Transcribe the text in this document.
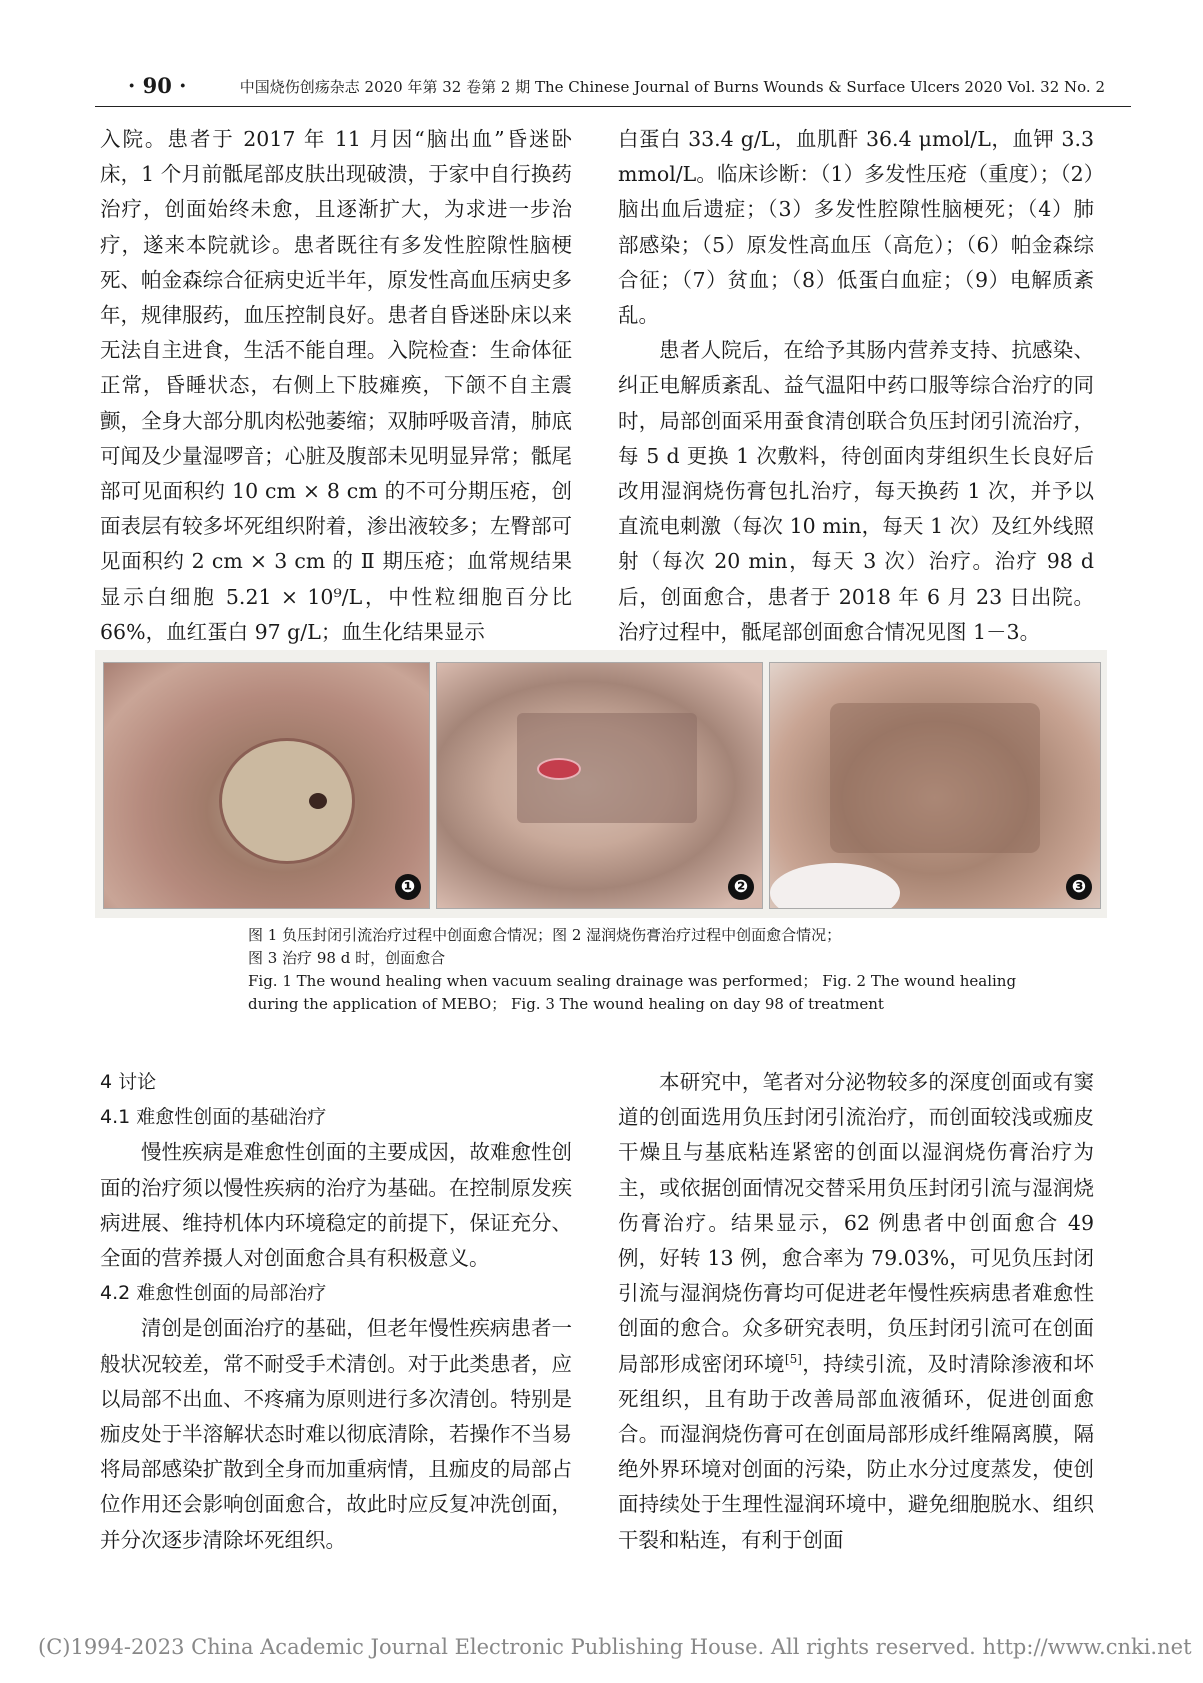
· 90 ·	中国烧伤创疡杂志 2020 年第 32 卷第 2 期 The Chinese Journal of Burns Wounds & Surface Ulcers 2020 Vol. 32 No. 2

入院。患者于 2017 年 11 月因“脑出血”昏迷卧床，1 个月前骶尾部皮肤出现破溃，于家中自行换药治疗，创面始终未愈，且逐渐扩大，为求进一步治疗，遂来本院就诊。患者既往有多发性腔隙性脑梗死、帕金森综合征病史近半年，原发性高血压病史多年，规律服药，血压控制良好。患者自昏迷卧床以来无法自主进食，生活不能自理。入院检查：生命体征正常，昏睡状态，右侧上下肢瘫痪，下颌不自主震颤，全身大部分肌肉松弛萎缩；双肺呼吸音清，肺底可闻及少量湿啰音；心脏及腹部未见明显异常；骶尾部可见面积约 10 cm × 8 cm 的不可分期压疮，创面表层有较多坏死组织附着，渗出液较多；左臀部可见面积约 2 cm × 3 cm 的 Ⅱ 期压疮；血常规结果显示白细胞 5.21 × 10⁹/L，中性粒细胞百分比 66%，血红蛋白 97 g/L；血生化结果显示

白蛋白 33.4 g/L，血肌酐 36.4 μmol/L，血钾 3.3 mmol/L。临床诊断：（1）多发性压疮（重度）；（2）脑出血后遗症；（3）多发性腔隙性脑梗死；（4）肺部感染；（5）原发性高血压（高危）；（6）帕金森综合征；（7）贫血；（8）低蛋白血症；（9）电解质紊乱。

患者人院后，在给予其肠内营养支持、抗感染、纠正电解质紊乱、益气温阳中药口服等综合治疗的同时，局部创面采用蚕食清创联合负压封闭引流治疗，每 5 d 更换 1 次敷料，待创面肉芽组织生长良好后改用湿润烧伤膏包扎治疗，每天换药 1 次，并予以直流电刺激（每次 10 min，每天 1 次）及红外线照射（每次 20 min，每天 3 次）治疗。治疗 98 d 后，创面愈合，患者于 2018 年 6 月 23 日出院。治疗过程中，骶尾部创面愈合情况见图 1－3。

❶	❷	❸
图 1 负压封闭引流治疗过程中创面愈合情况；图 2 湿润烧伤膏治疗过程中创面愈合情况；
图 3 治疗 98 d 时，创面愈合
Fig. 1 The wound healing when vacuum sealing drainage was performed； Fig. 2 The wound healing
during the application of MEBO； Fig. 3 The wound healing on day 98 of treatment

4 讨论

4.1 难愈性创面的基础治疗

慢性疾病是难愈性创面的主要成因，故难愈性创面的治疗须以慢性疾病的治疗为基础。在控制原发疾病进展、维持机体内环境稳定的前提下，保证充分、全面的营养摄人对创面愈合具有积极意义。

4.2 难愈性创面的局部治疗

清创是创面治疗的基础，但老年慢性疾病患者一般状况较差，常不耐受手术清创。对于此类患者，应以局部不出血、不疼痛为原则进行多次清创。特别是痂皮处于半溶解状态时难以彻底清除，若操作不当易将局部感染扩散到全身而加重病情，且痂皮的局部占位作用还会影响创面愈合，故此时应反复冲洗创面，并分次逐步清除坏死组织。

本研究中，笔者对分泌物较多的深度创面或有窦道的创面选用负压封闭引流治疗，而创面较浅或痂皮干燥且与基底粘连紧密的创面以湿润烧伤膏治疗为主，或依据创面情况交替采用负压封闭引流与湿润烧伤膏治疗。结果显示，62 例患者中创面愈合 49 例，好转 13 例，愈合率为 79.03%，可见负压封闭引流与湿润烧伤膏均可促进老年慢性疾病患者难愈性创面的愈合。众多研究表明，负压封闭引流可在创面局部形成密闭环境[5]，持续引流，及时清除渗液和坏死组织，且有助于改善局部血液循环，促进创面愈合。而湿润烧伤膏可在创面局部形成纤维隔离膜，隔绝外界环境对创面的污染，防止水分过度蒸发，使创面持续处于生理性湿润环境中，避免细胞脱水、组织干裂和粘连，有利于创面

(C)1994-2023 China Academic Journal Electronic Publishing House. All rights reserved. http://www.cnki.net
